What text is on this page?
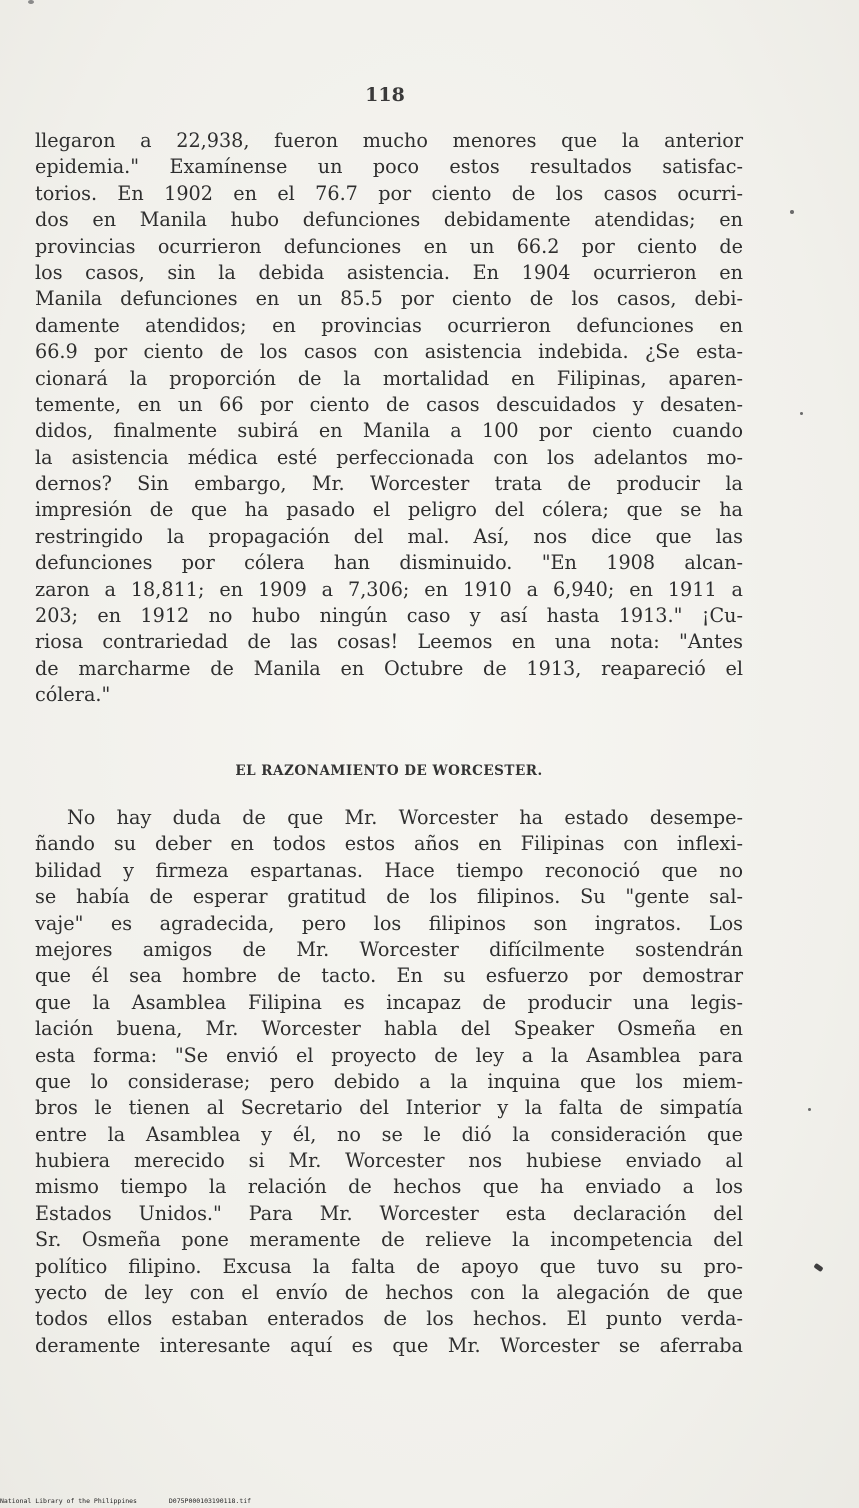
118
llegaron a 22,938, fueron mucho menores que la anterior
epidemia." Examínense un poco estos resultados satisfac-
torios. En 1902 en el 76.7 por ciento de los casos ocurri-
dos en Manila hubo defunciones debidamente atendidas; en
provincias ocurrieron defunciones en un 66.2 por ciento de
los casos, sin la debida asistencia. En 1904 ocurrieron en
Manila defunciones en un 85.5 por ciento de los casos, debi-
damente atendidos; en provincias ocurrieron defunciones en
66.9 por ciento de los casos con asistencia indebida. ¿Se esta-
cionará la proporción de la mortalidad en Filipinas, aparen-
temente, en un 66 por ciento de casos descuidados y desaten-
didos, finalmente subirá en Manila a 100 por ciento cuando
la asistencia médica esté perfeccionada con los adelantos mo-
dernos? Sin embargo, Mr. Worcester trata de producir la
impresión de que ha pasado el peligro del cólera; que se ha
restringido la propagación del mal. Así, nos dice que las
defunciones por cólera han disminuido. "En 1908 alcan-
zaron a 18,811; en 1909 a 7,306; en 1910 a 6,940; en 1911 a
203; en 1912 no hubo ningún caso y así hasta 1913." ¡Cu-
riosa contrariedad de las cosas! Leemos en una nota: "Antes
de marcharme de Manila en Octubre de 1913, reapareció el
cólera."
EL RAZONAMIENTO DE WORCESTER.
No hay duda de que Mr. Worcester ha estado desempe-
ñando su deber en todos estos años en Filipinas con inflexi-
bilidad y firmeza espartanas. Hace tiempo reconoció que no
se había de esperar gratitud de los filipinos. Su "gente sal-
vaje" es agradecida, pero los filipinos son ingratos. Los
mejores amigos de Mr. Worcester difícilmente sostendrán
que él sea hombre de tacto. En su esfuerzo por demostrar
que la Asamblea Filipina es incapaz de producir una legis-
lación buena, Mr. Worcester habla del Speaker Osmeña en
esta forma: "Se envió el proyecto de ley a la Asamblea para
que lo considerase; pero debido a la inquina que los miem-
bros le tienen al Secretario del Interior y la falta de simpatía
entre la Asamblea y él, no se le dió la consideración que
hubiera merecido si Mr. Worcester nos hubiese enviado al
mismo tiempo la relación de hechos que ha enviado a los
Estados Unidos." Para Mr. Worcester esta declaración del
Sr. Osmeña pone meramente de relieve la incompetencia del
político filipino. Excusa la falta de apoyo que tuvo su pro-
yecto de ley con el envío de hechos con la alegación de que
todos ellos estaban enterados de los hechos. El punto verda-
deramente interesante aquí es que Mr. Worcester se aferraba
National Library of the Philippines	D075P000103190118.tif
